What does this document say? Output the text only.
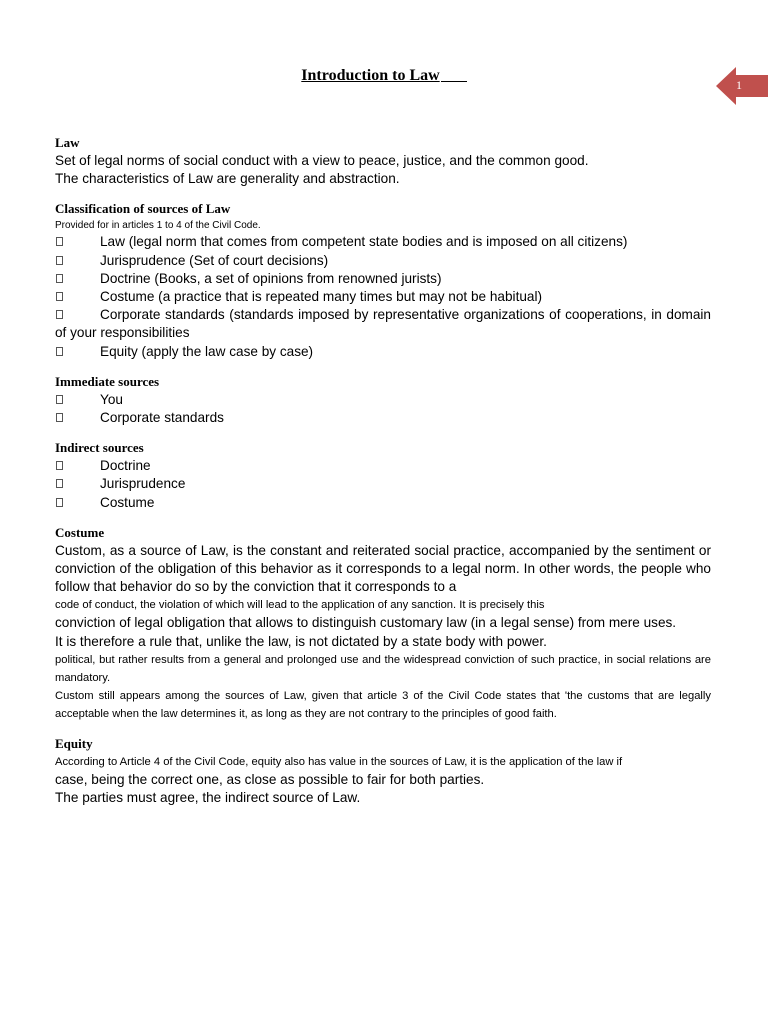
Introduction to Law
1
Law

Set of legal norms of social conduct with a view to peace, justice, and the common good.

The characteristics of Law are generality and abstraction.

Classification of sources of Law

Provided for in articles 1 to 4 of the Civil Code.

Law (legal norm that comes from competent state bodies and is imposed on all citizens)
Jurisprudence (Set of court decisions)
Doctrine (Books, a set of opinions from renowned jurists)
Costume (a practice that is repeated many times but may not be habitual)
Corporate standards (standards imposed by representative organizations of cooperations, in domain of your responsibilities
Equity (apply the law case by case)
Immediate sources
You
Corporate standards
Indirect sources
Doctrine
Jurisprudence
Costume
Costume

Custom, as a source of Law, is the constant and reiterated social practice, accompanied by the sentiment or conviction of the obligation of this behavior as it corresponds to a legal norm. In other words, the people who follow that behavior do so by the conviction that it corresponds to a

code of conduct, the violation of which will lead to the application of any sanction. It is precisely this

conviction of legal obligation that allows to distinguish customary law (in a legal sense) from mere uses.

It is therefore a rule that, unlike the law, is not dictated by a state body with power.

political, but rather results from a general and prolonged use and the widespread conviction of such practice, in social relations are mandatory.

Custom still appears among the sources of Law, given that article 3 of the Civil Code states that 'the customs that are legally acceptable when the law determines it, as long as they are not contrary to the principles of good faith.

Equity

According to Article 4 of the Civil Code, equity also has value in the sources of Law, it is the application of the law if

case, being the correct one, as close as possible to fair for both parties.

The parties must agree, the indirect source of Law.
